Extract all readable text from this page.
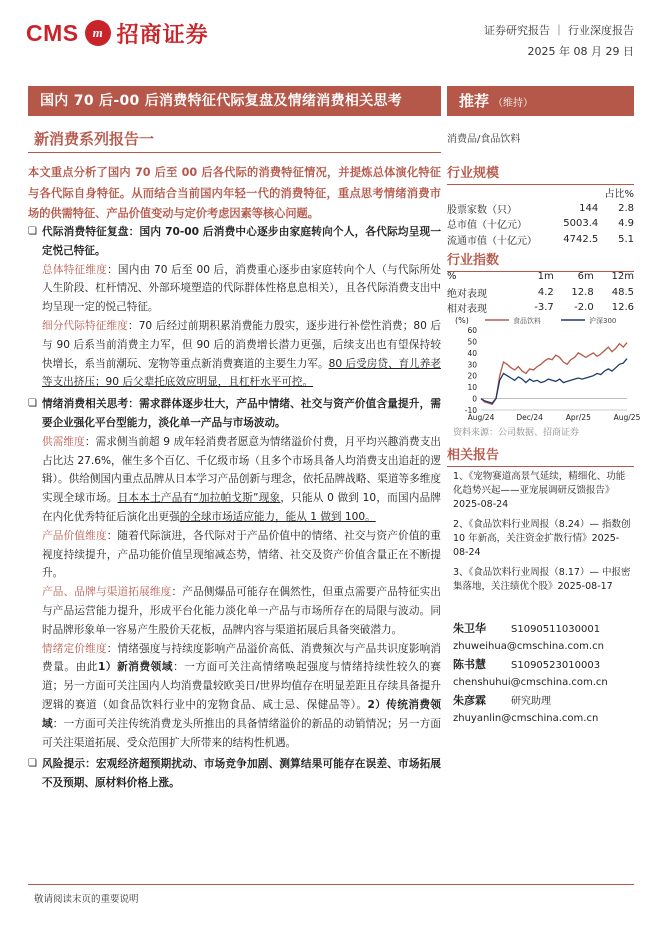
CMS	m 招商证券	证券研究报告 ｜ 行业深度报告
2025 年 08 月 29 日
国内 70 后-00 后消费特征代际复盘及情绪消费相关思考	推荐 （维持）
新消费系列报告一
本文重点分析了国内 70 后至 00 后各代际的消费特征情况，并提炼总体演化特征与各代际自身特征。从而结合当前国内年轻一代的消费特征，重点思考情绪消费市场的供需特征、产品价值变动与定价考虑因素等核心问题。
❏ 代际消费特征复盘：国内 70-00 后消费中心逐步由家庭转向个人，各代际均呈现一定悦己特征。
总体特征维度：国内由 70 后至 00 后，消费重心逐步由家庭转向个人（与代际所处人生阶段、杠杆情况、外部环境塑造的代际群体性格息息相关），且各代际消费支出中均呈现一定的悦己特征。
细分代际特征维度：70 后经过前期积累消费能力殷实，逐步进行补偿性消费；80 后与 90 后系当前消费主力军，但 90 后的消费增长潜力更强，后续支出也有望保持较快增长，系当前潮玩、宠物等重点新消费赛道的主要生力军。80 后受房贷、育儿养老等支出挤压；90 后父辈托底效应明显，且杠杆水平可控。
❏ 情绪消费相关思考：需求群体逐步壮大，产品中情绪、社交与资产价值含量提升，需要企业强化平台型能力，淡化单一产品与市场波动。
供需维度：需求侧当前超 9 成年轻消费者愿意为情绪溢价付费，月平均兴趣消费支出占比达 27.6%，催生多个百亿、千亿级市场（且多个市场具备人均消费支出追赶的逻辑）。供给侧国内重点品牌从日本学习产品创新与理念，依托品牌战略、渠道等多维度实现全球市场。日本本土产品有“加拉帕戈斯”现象，只能从 0 做到 10，而国内品牌在内化优秀特征后演化出更强的全球市场适应能力，能从 1 做到 100。
产品价值维度：随着代际演进，各代际对于产品价值中的情绪、社交与资产价值的重视度持续提升，产品功能价值呈现缩减态势，情绪、社交及资产价值含量正在不断提升。
产品、品牌与渠道拓展维度：产品侧爆品可能存在偶然性，但重点需要产品特征实出与产品运营能力提升，形成平台化能力淡化单一产品与市场所存在的局限与波动。同时品牌形象单一容易产生股价天花板，品牌内容与渠道拓展后具备突破潜力。
情绪定价维度：情绪强度与持续度影响产品溢价高低、消费频次与产品共识度影响消费量。由此1）新消费领域：一方面可关注高情绪唤起强度与情绪持续性较久的赛道；另一方面可关注国内人均消费量较欧美日/世界均值存在明显差距且存续具备提升逻辑的赛道（如食品饮料行业中的宠物食品、咸士忌、保健品等）。2）传统消费领域：一方面可关注传统消费龙头所推出的具备情绪溢价的新品的动销情况；另一方面可关注渠道拓展、受众范围扩大所带来的结构性机遇。
❏ 风险提示：宏观经济超预期扰动、市场竞争加剧、测算结果可能存在误差、市场拓展不及预期、原材料价格上涨。
消费品/食品饮料
行业规模
		占比%
股票家数（只）	144	2.8
总市值（十亿元）	5003.4	4.9
流通市值（十亿元）	4742.5	5.1
行业指数
%	1m	6m	12m
绝对表现	4.2	12.8	48.5
相对表现	-3.7	-2.0	12.6
(%)	食品饮料	沪深300
60
50
40
30
20
10
0
-10
Aug/24	Dec/24	Apr/25	Aug/25
资料来源：公司数据、招商证券
相关报告
1、《宠物赛道高景气延续，精细化、功能化趋势兴起——亚宠展调研反馈报告》2025-08-24
2、《食品饮料行业周报（8.24）— 指数创 10 年新高，关注资金扩散行情》2025-08-24
3、《食品饮料行业周报（8.17）— 中报密集落地，关注绩优个股》2025-08-17
朱卫华	S1090511030001
zhuweihua@cmschina.com.cn
陈书慧	S1090523010003
chenshuhui@cmschina.com.cn
朱彦霖	研究助理
zhuyanlin@cmschina.com.cn
敬请阅读末页的重要说明
